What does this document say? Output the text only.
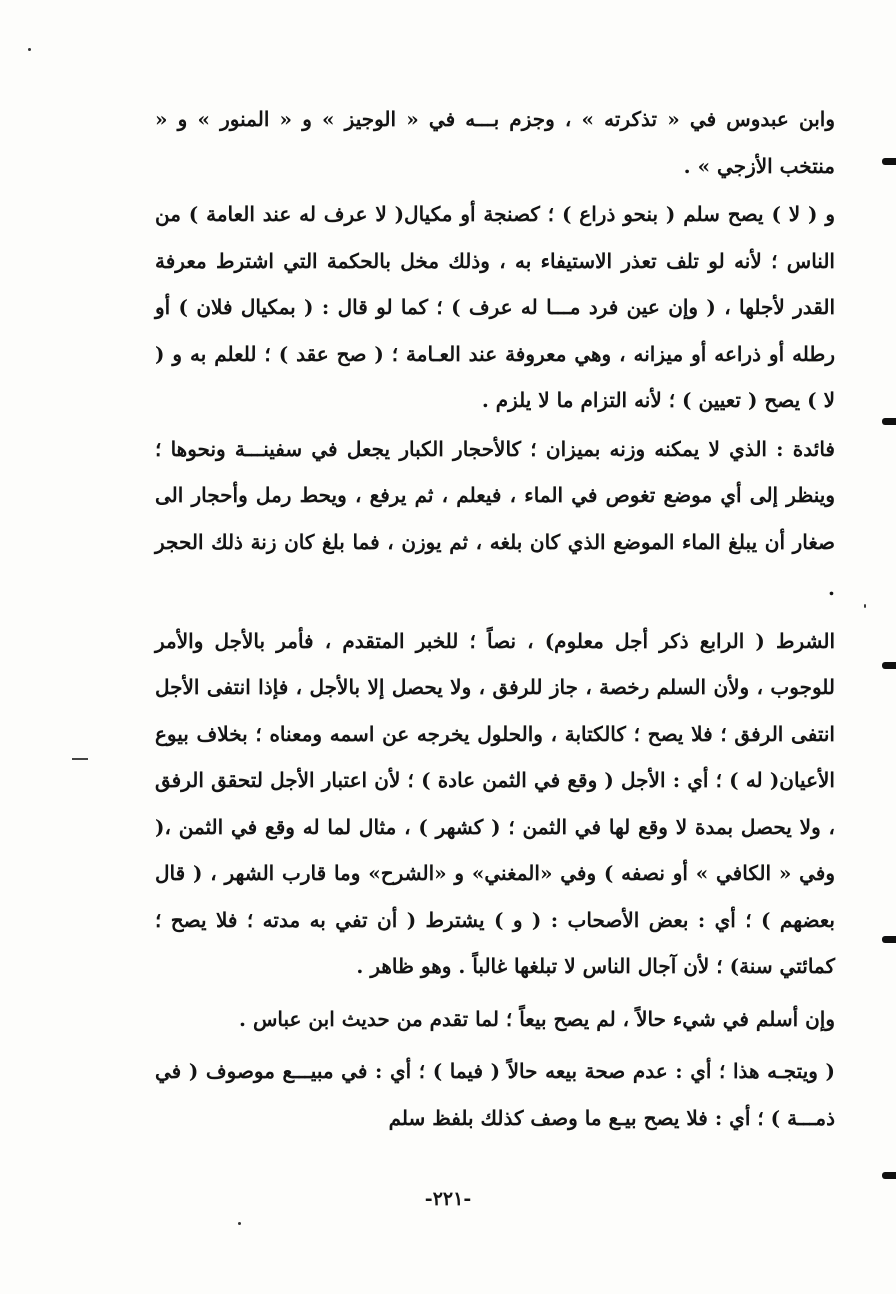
وابن عبدوس في « تذكرته » ، وجزم بـــه في « الوجيز » و « المنور » و « منتخب الأزجي » .

و ( لا ) يصح سلم ( بنحو ذراع ) ؛ كصنجة أو مكيال( لا عرف له عند العامة ) من الناس ؛ لأنه لو تلف تعذر الاستيفاء به ، وذلك مخل بالحكمة التي اشترط معرفة القدر لأجلها ، ( وإن عين فرد مـــا له عرف ) ؛ كما لو قال : ( بمكيال فلان ) أو رطله أو ذراعه أو ميزانه ، وهي معروفة عند العـامة ؛ ( صح عقد ) ؛ للعلم به و ( لا ) يصح ( تعيين ) ؛ لأنه التزام ما لا يلزم .

فائدة : الذي لا يمكنه وزنه بميزان ؛ كالأحجار الكبار يجعل في سفينـــة ونحوها ؛ وينظر إلى أي موضع تغوص في الماء ، فيعلم ، ثم يرفع ، ويحط رمل وأحجار الى صغار أن يبلغ الماء الموضع الذي كان بلغه ، ثم يوزن ، فما بلغ كان زنة ذلك الحجر .

الشرط ( الرابع ذكر أجل معلوم) ، نصاً ؛ للخبر المتقدم ، فأمر بالأجل والأمر للوجوب ، ولأن السلم رخصة ، جاز للرفق ، ولا يحصل إلا بالأجل ، فإذا انتفى الأجل انتفى الرفق ؛ فلا يصح ؛ كالكتابة ، والحلول يخرجه عن اسمه ومعناه ؛ بخلاف بيوع الأعيان( له ) ؛ أي : الأجل ( وقع في الثمن عادة ) ؛ لأن اعتبار الأجل لتحقق الرفق ، ولا يحصل بمدة لا وقع لها في الثمن ؛ ( كشهر ) ، مثال لما له وقع في الثمن ،( وفي « الكافي » أو نصفه ) وفي «المغني» و «الشرح» وما قارب الشهر ، ( قال بعضهم ) ؛ أي : بعض الأصحاب : ( و ) يشترط ( أن تفي به مدته ؛ فلا يصح ؛ كمائتي سنة) ؛ لأن آجال الناس لا تبلغها غالباً . وهو ظاهر .

وإن أسلم في شيء حالاً ، لم يصح بيعاً ؛ لما تقدم من حديث ابن عباس .

( ويتجـه هذا ؛ أي : عدم صحة بيعه حالاً ( فيما ) ؛ أي : في مبيـــع موصوف ( في ذمـــة ) ؛ أي : فلا يصح بيـع ما وصف كذلك بلفظ سلم

-٢٢١-
